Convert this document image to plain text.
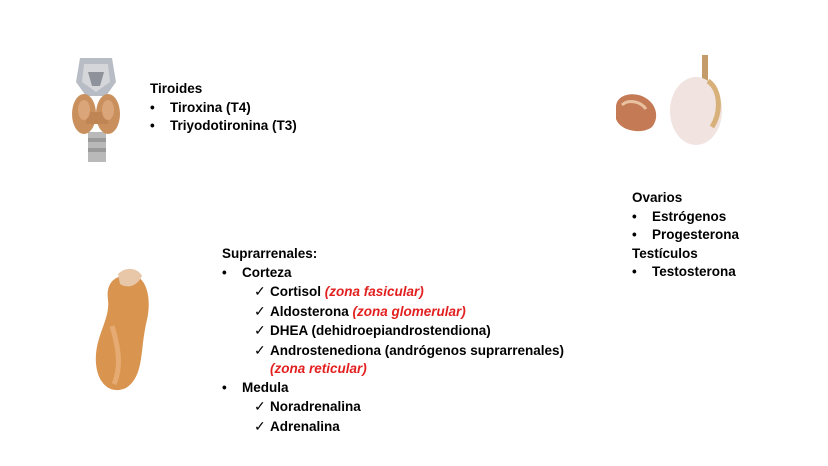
Tiroides
•	Tiroxina (T4)
•	Triyodotironina (T3)
Ovarios
•	Estrógenos
•	Progesterona
Testículos
•	Testosterona
Suprarrenales:
•	Corteza
✓ Cortisol
(zona fasicular)
✓ Aldosterona
(zona glomerular)
✓ DHEA (dehidroepiandrostendiona)
✓ Androstenediona (andrógenos suprarrenales)
(zona reticular)
•	Medula
✓ Noradrenalina
✓ Adrenalina
